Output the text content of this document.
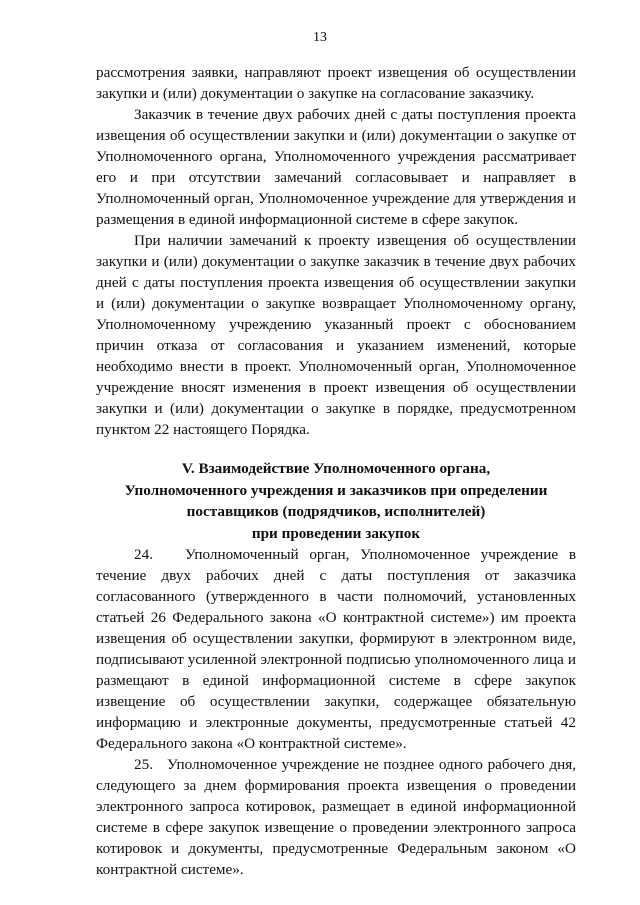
13

рассмотрения заявки, направляют проект извещения об осуществлении закупки и (или) документации о закупке на согласование заказчику.

Заказчик в течение двух рабочих дней с даты поступления проекта извещения об осуществлении закупки и (или) документации о закупке от Уполномоченного органа, Уполномоченного учреждения рассматривает его и при отсутствии замечаний согласовывает и направляет в Уполномоченный орган, Уполномоченное учреждение для утверждения и размещения в единой информационной системе в сфере закупок.

При наличии замечаний к проекту извещения об осуществлении закупки и (или) документации о закупке заказчик в течение двух рабочих дней с даты поступления проекта извещения об осуществлении закупки и (или) документации о закупке возвращает Уполномоченному органу, Уполномоченному учреждению указанный проект с обоснованием причин отказа от согласования и указанием изменений, которые необходимо внести в проект. Уполномоченный орган, Уполномоченное учреждение вносят изменения в проект извещения об осуществлении закупки и (или) документации о закупке в порядке, предусмотренном пунктом 22 настоящего Порядка.

V. Взаимодействие Уполномоченного органа,
Уполномоченного учреждения и заказчиков при определении
поставщиков (подрядчиков, исполнителей)
при проведении закупок

24.   Уполномоченный орган, Уполномоченное учреждение в течение двух рабочих дней с даты поступления от заказчика согласованного (утвержденного в части полномочий, установленных статьей 26 Федерального закона «О контрактной системе») им проекта извещения об осуществлении закупки, формируют в электронном виде, подписывают усиленной электронной подписью уполномоченного лица и размещают в единой информационной системе в сфере закупок извещение об осуществлении закупки, содержащее обязательную информацию и электронные документы, предусмотренные статьей 42 Федерального закона «О контрактной системе».

25.   Уполномоченное учреждение не позднее одного рабочего дня, следующего за днем формирования проекта извещения о проведении электронного запроса котировок, размещает в единой информационной системе в сфере закупок извещение о проведении электронного запроса котировок и документы, предусмотренные Федеральным законом «О контрактной системе».
